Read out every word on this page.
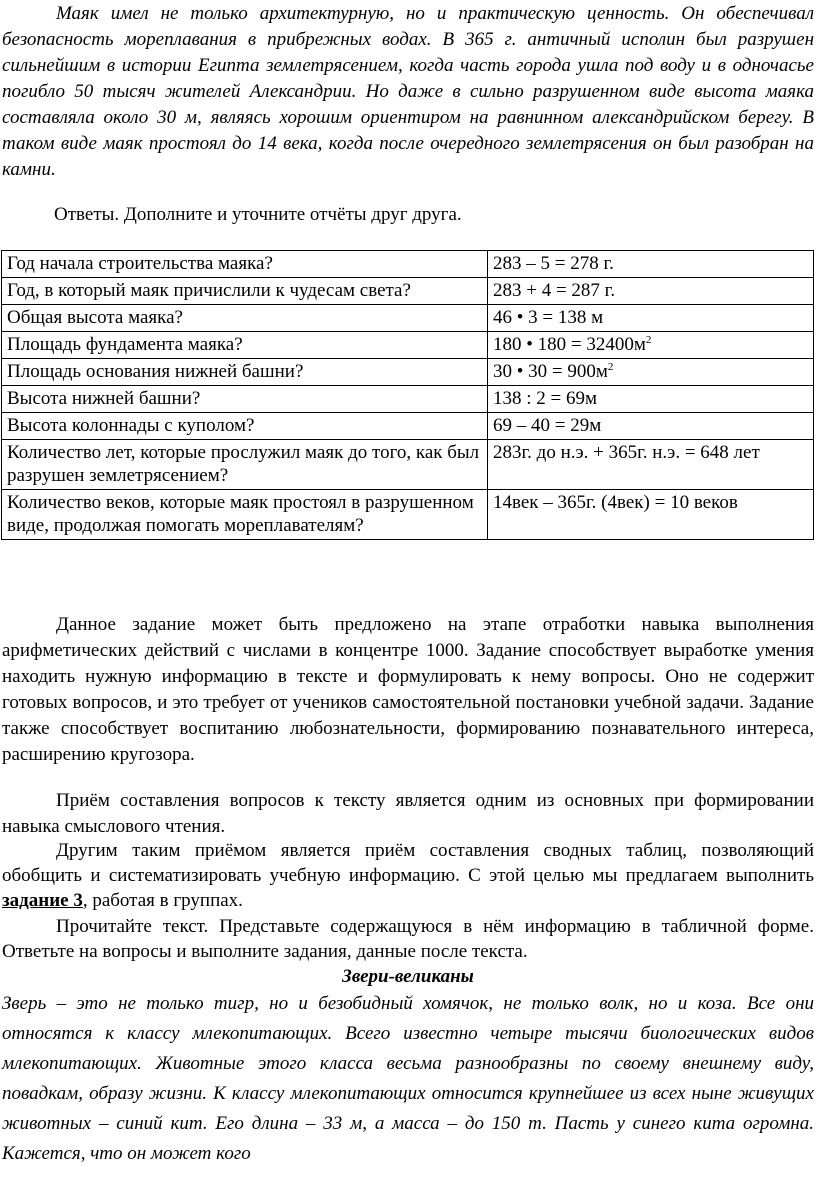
Маяк имел не только архитектурную, но и практическую ценность. Он обеспечивал безопасность мореплавания в прибрежных водах. В 365 г. античный исполин был разрушен сильнейшим в истории Египта землетрясением, когда часть города ушла под воду и в одночасье погибло 50 тысяч жителей Александрии. Но даже в сильно разрушенном виде высота маяка составляла около 30 м, являясь хорошим ориентиром на равнинном александрийском берегу. В таком виде маяк простоял до 14 века, когда после очередного землетрясения он был разобран на камни.

Ответы. Дополните и уточните отчёты друг друга.

Год начала строительства маяка?	283 – 5 = 278 г.
Год, в который маяк причислили к чудесам света?	283 + 4 = 287 г.
Общая высота маяка?	46 • 3 = 138 м
Площадь фундамента маяка?	180 • $180 = 32400м^2$
Площадь основания нижней башни?	30 • $30 = 900м^2$
Высота нижней башни?	138 : 2 = 69м
Высота колоннады с куполом?	69 – 40 = 29м
Количество лет, которые прослужил маяк до того, как был разрушен землетрясением?	283г. до н.э. + 365г. н.э. = 648 лет
Количество веков, которые маяк простоял в разрушенном виде, продолжая помогать мореплавателям?	14век – 365г. (4век) = 10 веков

Данное задание может быть предложено на этапе отработки навыка выполнения арифметических действий с числами в концентре 1000. Задание способствует выработке умения находить нужную информацию в тексте и формулировать к нему вопросы. Оно не содержит готовых вопросов, и это требует от учеников самостоятельной постановки учебной задачи. Задание также способствует воспитанию любознательности, формированию познавательного интереса, расширению кругозора.

Приём составления вопросов к тексту является одним из основных при формировании навыка смыслового чтения.

Другим таким приёмом является приём составления сводных таблиц, позволяющий обобщить и систематизировать учебную информацию. С этой целью мы предлагаем выполнить задание 3, работая в группах.

Прочитайте текст. Представьте содержащуюся в нём информацию в табличной форме. Ответьте на вопросы и выполните задания, данные после текста.

Звери-великаны

Зверь – это не только тигр, но и безобидный хомячок, не только волк, но и коза. Все они относятся к классу млекопитающих. Всего известно четыре тысячи биологических видов млекопитающих. Животные этого класса весьма разнообразны по своему внешнему виду, повадкам, образу жизни. К классу млекопитающих относится крупнейшее из всех ныне живущих животных – синий кит. Его длина – 33 м, а масса – до 150 т. Пасть у синего кита огромна. Кажется, что он может кого
